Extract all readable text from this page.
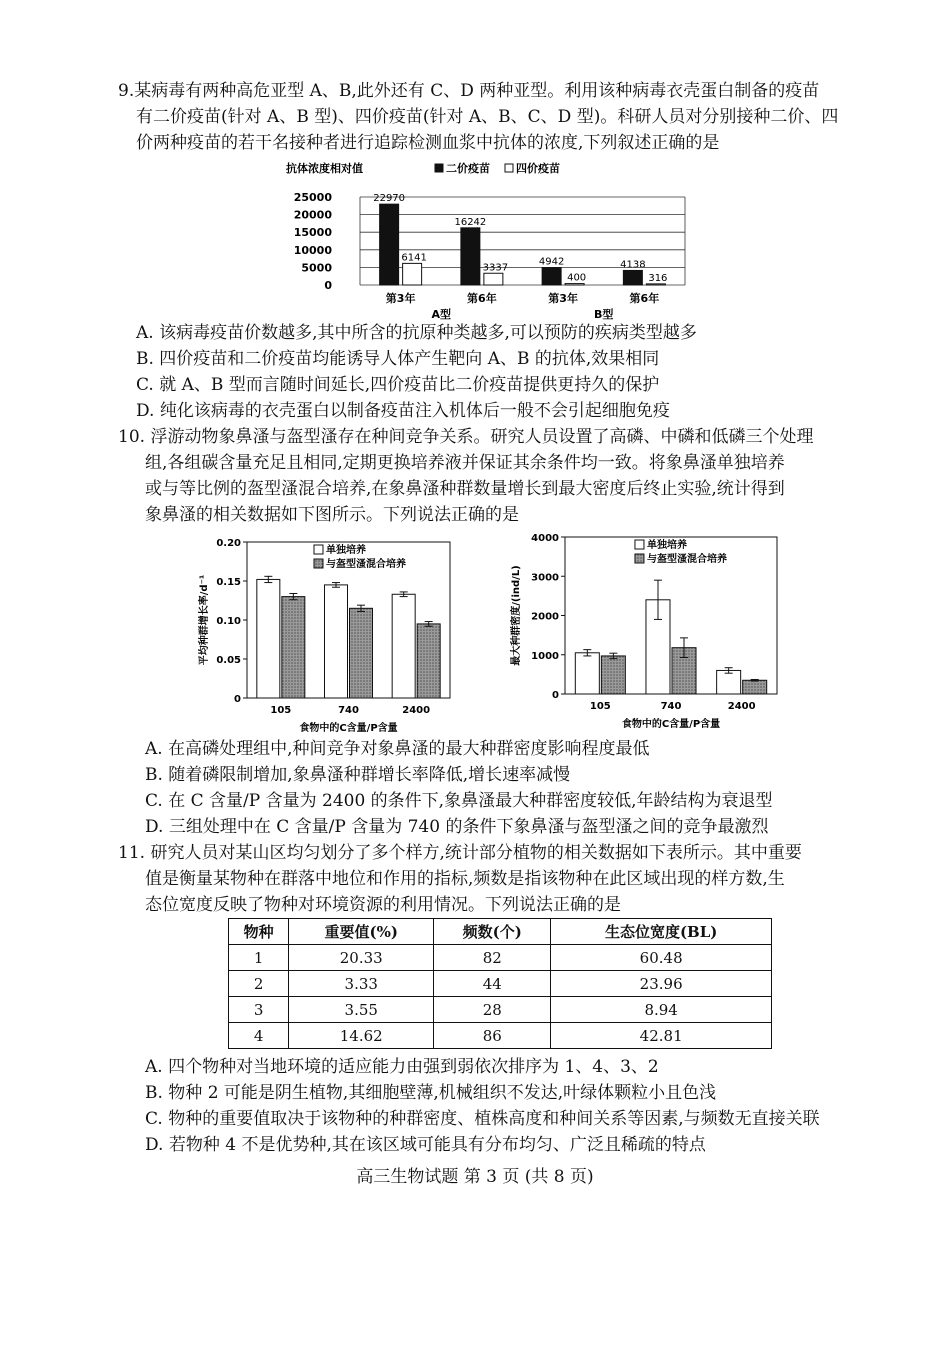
9.某病毒有两种高危亚型 A、B,此外还有 C、D 两种亚型。利用该种病毒衣壳蛋白制备的疫苗
有二价疫苗(针对 A、B 型)、四价疫苗(针对 A、B、C、D 型)。科研人员对分别接种二价、四
价两种疫苗的若干名接种者进行追踪检测血浆中抗体的浓度,下列叙述正确的是
抗体浓度相对值	二价疫苗 四价疫苗
0
5000
10000
15000
20000
25000	22970
6141
第3年
16242
3337
第6年
4942
400
第3年
4138
316
第6年
A型	B型
A. 该病毒疫苗价数越多,其中所含的抗原种类越多,可以预防的疾病类型越多
B. 四价疫苗和二价疫苗均能诱导人体产生靶向 A、B 的抗体,效果相同
C. 就 A、B 型而言随时间延长,四价疫苗比二价疫苗提供更持久的保护
D. 纯化该病毒的衣壳蛋白以制备疫苗注入机体后一般不会引起细胞免疫
10. 浮游动物象鼻溞与盔型溞存在种间竞争关系。研究人员设置了高磷、中磷和低磷三个处理
组,各组碳含量充足且相同,定期更换培养液并保证其余条件均一致。将象鼻溞单独培养
或与等比例的盔型溞混合培养,在象鼻溞种群数量增长到最大密度后终止实验,统计得到
象鼻溞的相关数据如下图所示。下列说法正确的是
0
0.05
0.10
0.15
0.20
平均种群增长率/d⁻¹
单独培养
与盔型溞混合培养
105	740	2400
食物中的C含量/P含量
0
1000
2000
3000
4000
最大种群密度/(ind/L)
单独培养
与盔型溞混合培养
105	740	2400
食物中的C含量/P含量
A. 在高磷处理组中,种间竞争对象鼻溞的最大种群密度影响程度最低
B. 随着磷限制增加,象鼻溞种群增长率降低,增长速率减慢
C. 在 C 含量/P 含量为 2400 的条件下,象鼻溞最大种群密度较低,年龄结构为衰退型
D. 三组处理中在 C 含量/P 含量为 740 的条件下象鼻溞与盔型溞之间的竞争最激烈
11. 研究人员对某山区均匀划分了多个样方,统计部分植物的相关数据如下表所示。其中重要
值是衡量某物种在群落中地位和作用的指标,频数是指该物种在此区域出现的样方数,生
态位宽度反映了物种对环境资源的利用情况。下列说法正确的是
物种	重要值(%)	频数(个)	生态位宽度(BL)
1	20.33	82	60.48
2	3.33	44	23.96
3	3.55	28	8.94
4	14.62	86	42.81
A. 四个物种对当地环境的适应能力由强到弱依次排序为 1、4、3、2
B. 物种 2 可能是阴生植物,其细胞壁薄,机械组织不发达,叶绿体颗粒小且色浅
C. 物种的重要值取决于该物种的种群密度、植株高度和种间关系等因素,与频数无直接关联
D. 若物种 4 不是优势种,其在该区域可能具有分布均匀、广泛且稀疏的特点
高三生物试题 第 3 页 (共 8 页)
